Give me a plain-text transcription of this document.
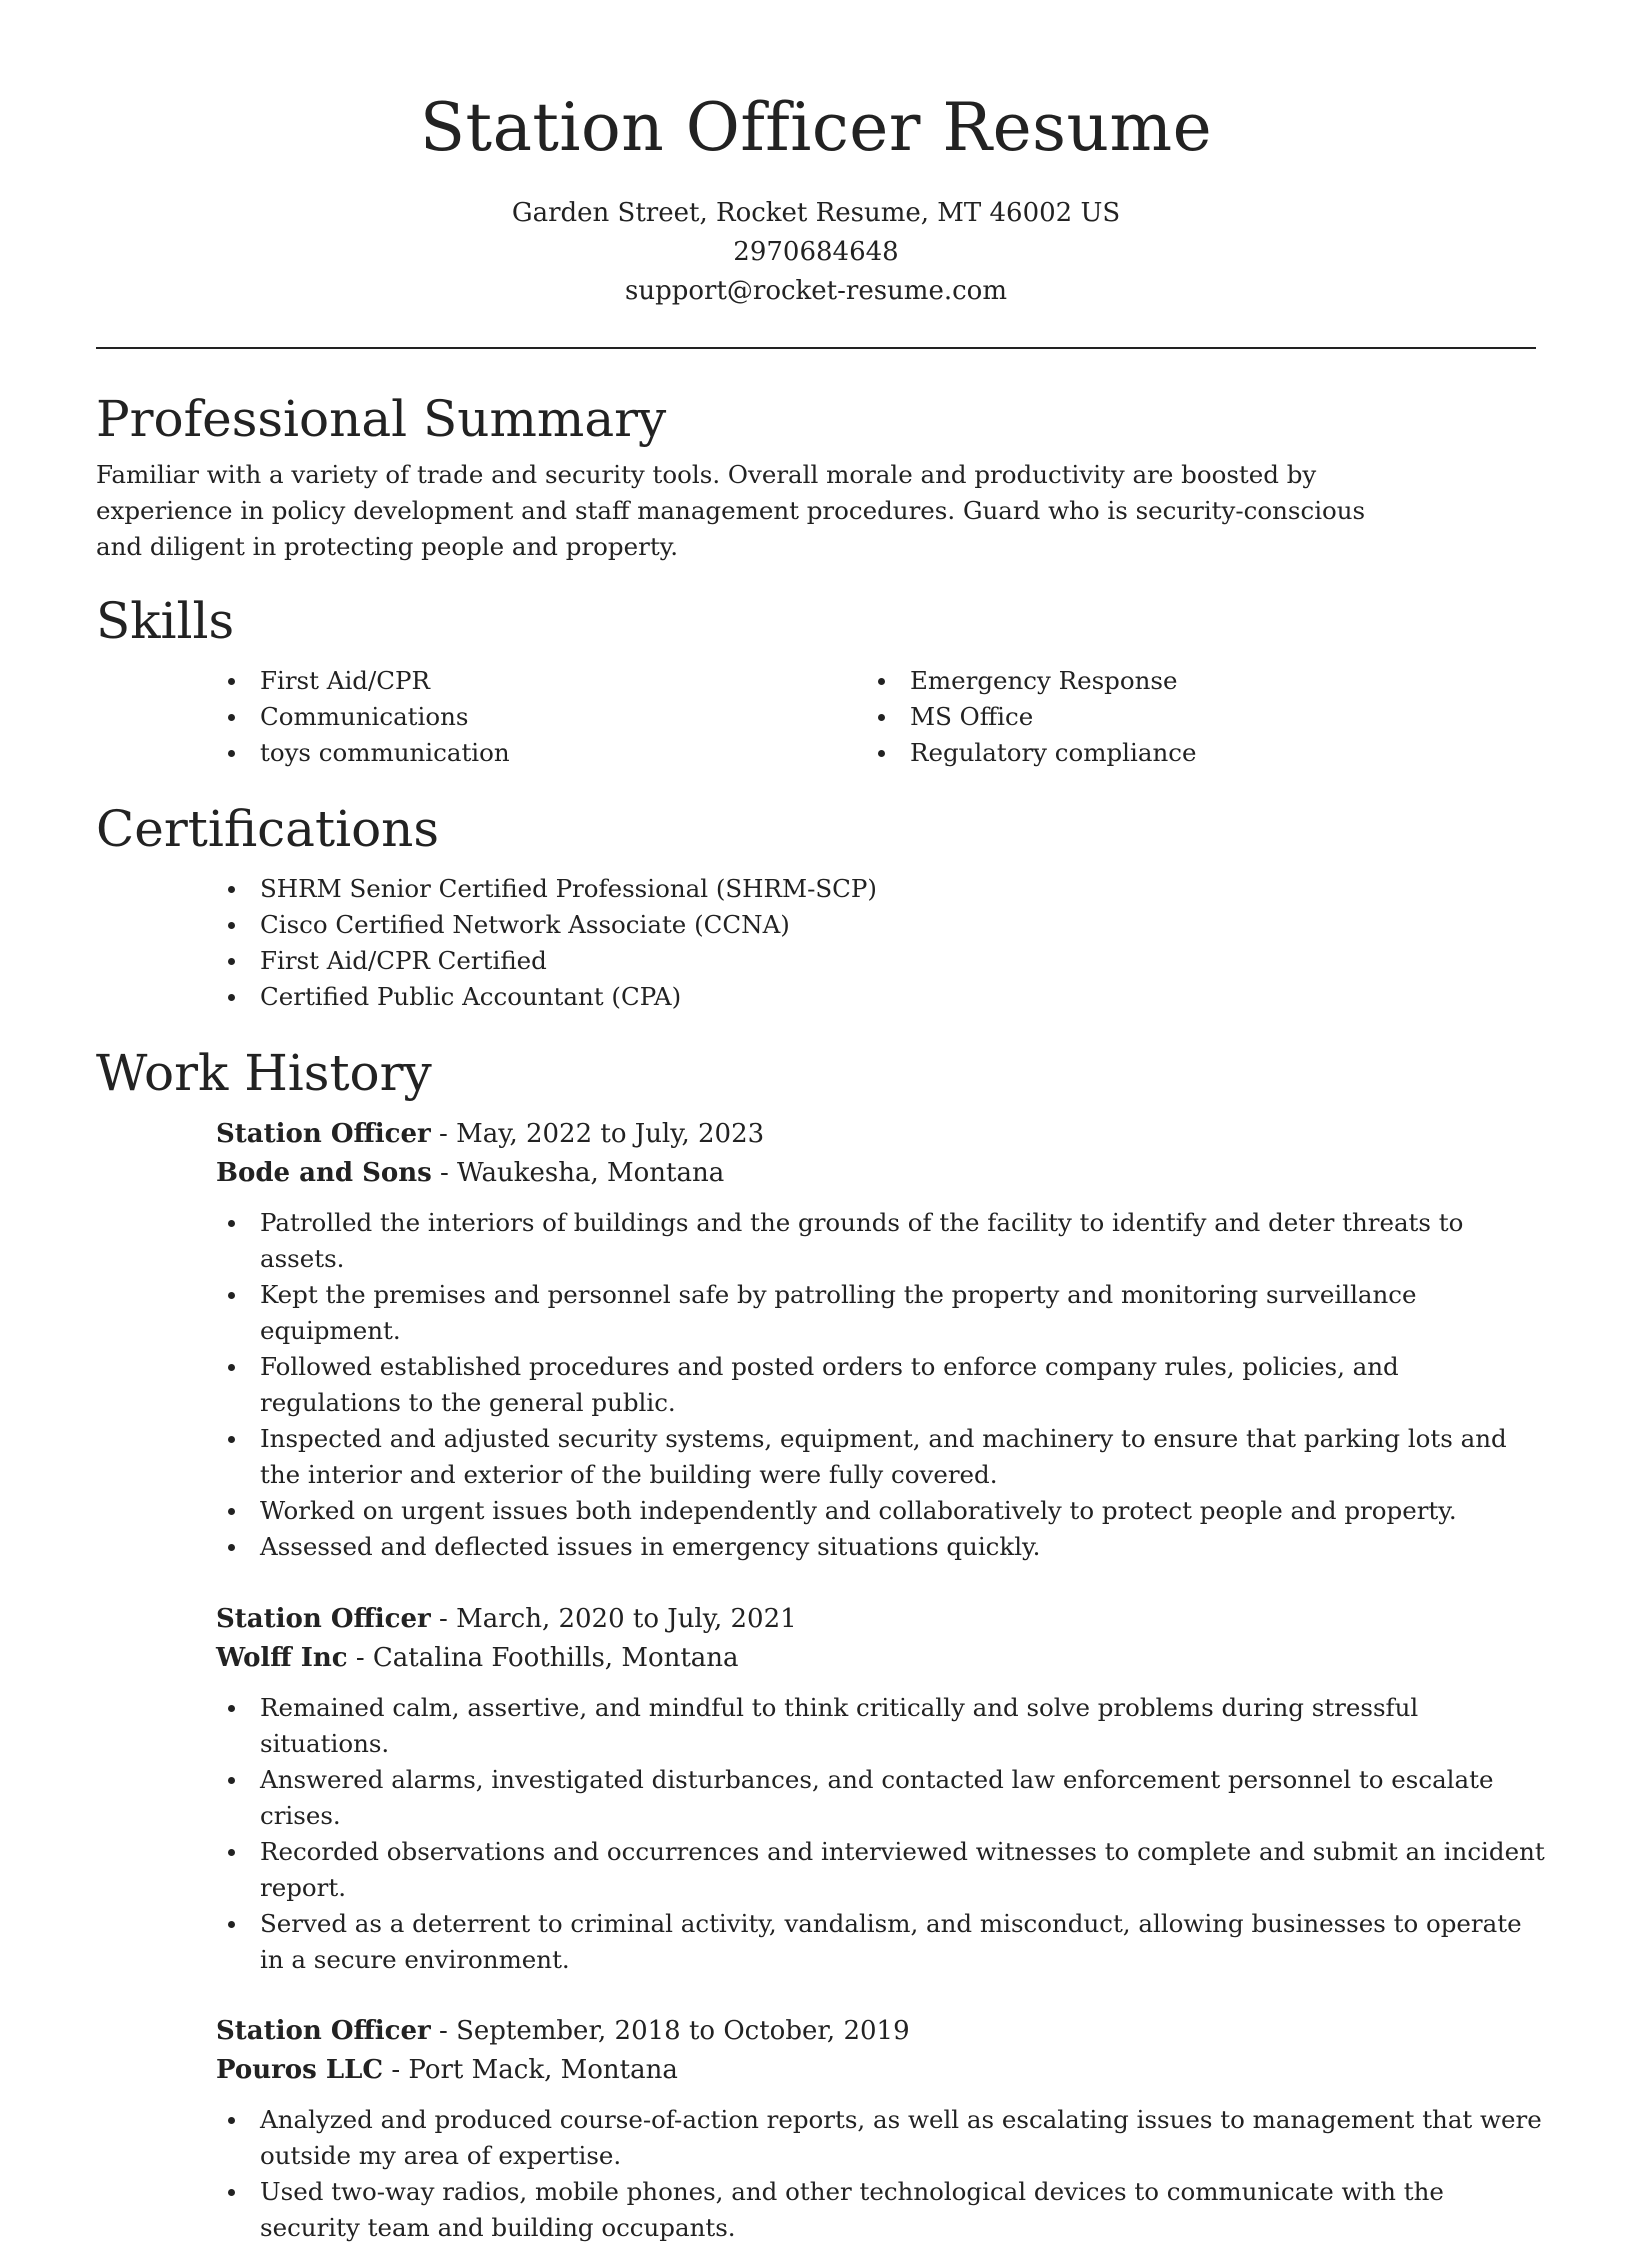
Station Officer Resume
Garden Street, Rocket Resume, MT 46002 US
2970684648
support@rocket-resume.com
Professional Summary

Familiar with a variety of trade and security tools. Overall morale and productivity are boosted by experience in policy development and staff management procedures. Guard who is security-conscious and diligent in protecting people and property.

Skills
First Aid/CPR
Communications
toys communication
Emergency Response
MS Office
Regulatory compliance
Certifications
SHRM Senior Certified Professional (SHRM-SCP)
Cisco Certified Network Associate (CCNA)
First Aid/CPR Certified
Certified Public Accountant (CPA)
Work History
Station Officer - May, 2022 to July, 2023
Bode and Sons - Waukesha, Montana
Patrolled the interiors of buildings and the grounds of the facility to identify and deter threats to assets.
Kept the premises and personnel safe by patrolling the property and monitoring surveillance equipment.
Followed established procedures and posted orders to enforce company rules, policies, and regulations to the general public.
Inspected and adjusted security systems, equipment, and machinery to ensure that parking lots and the interior and exterior of the building were fully covered.
Worked on urgent issues both independently and collaboratively to protect people and property.
Assessed and deflected issues in emergency situations quickly.
Station Officer - March, 2020 to July, 2021
Wolff Inc - Catalina Foothills, Montana
Remained calm, assertive, and mindful to think critically and solve problems during stressful situations.
Answered alarms, investigated disturbances, and contacted law enforcement personnel to escalate crises.
Recorded observations and occurrences and interviewed witnesses to complete and submit an incident report.
Served as a deterrent to criminal activity, vandalism, and misconduct, allowing businesses to operate in a secure environment.
Station Officer - September, 2018 to October, 2019
Pouros LLC - Port Mack, Montana
Analyzed and produced course-of-action reports, as well as escalating issues to management that were outside my area of expertise.
Used two-way radios, mobile phones, and other technological devices to communicate with the security team and building occupants.
